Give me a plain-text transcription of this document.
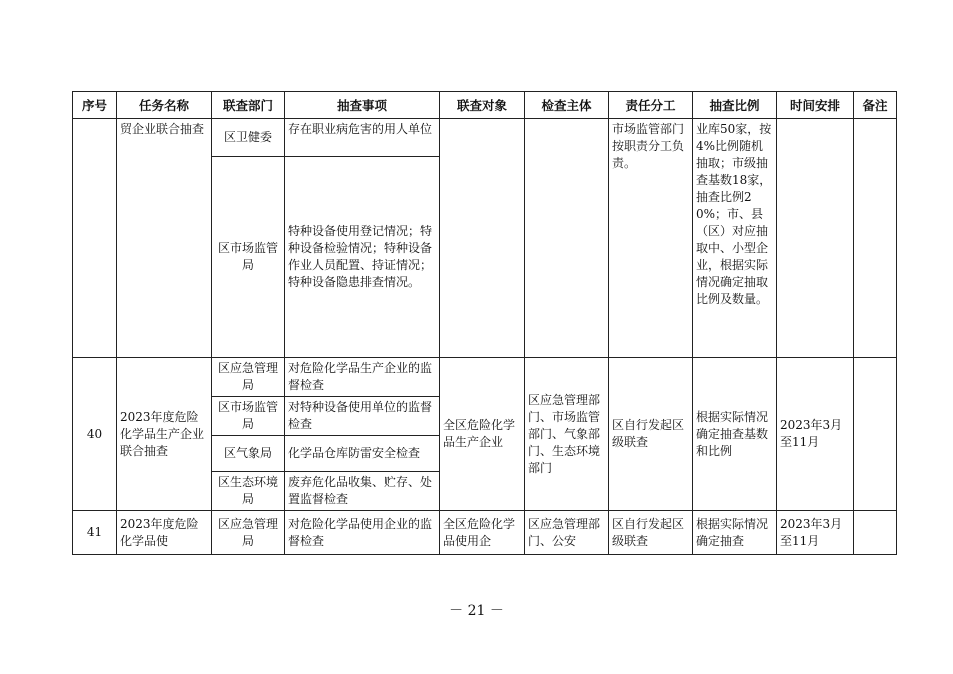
序号	任务名称	联查部门	抽查事项	联查对象	检查主体	责任分工	抽查比例	时间安排	备注
	贸企业联合抽查	区卫健委	存在职业病危害的用人单位			市场监管部门按职责分工负责。	业库50家，按4%比例随机抽取；市级抽查基数18家，抽查比例20%；市、县（区）对应抽取中、小型企业，根据实际情况确定抽取比例及数量。		
		区市场监管局	特种设备使用登记情况；特种设备检验情况；特种设备作业人员配置、持证情况；特种设备隐患排查情况。						
40	2023年度危险化学品生产企业联合抽查	区应急管理局	对危险化学品生产企业的监督检查	全区危险化学品生产企业	区应急管理部门、市场监管部门、气象部门、生态环境部门	区自行发起区级联查	根据实际情况确定抽查基数和比例	2023年3月至11月	
		区市场监管局	对特种设备使用单位的监督检查						
		区气象局	化学品仓库防雷安全检查						
		区生态环境局	废弃危化品收集、贮存、处置监督检查						
41	2023年度危险化学品使	区应急管理局	对危险化学品使用企业的监督检查	全区危险化学品使用企	区应急管理部门、公安	区自行发起区级联查	根据实际情况确定抽查	2023年3月至11月	
－ 21 －
